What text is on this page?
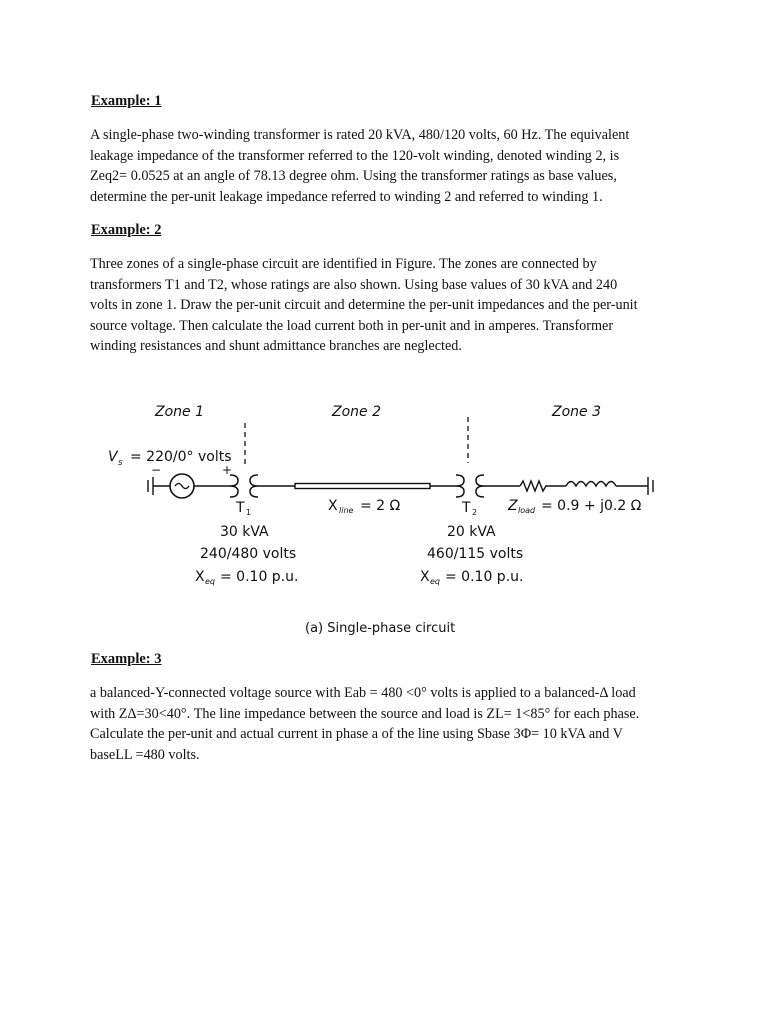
Example: 1
A single-phase two-winding transformer is rated 20 kVA, 480/120 volts, 60 Hz. The equivalent
leakage impedance of the transformer referred to the 120-volt winding, denoted winding 2, is
Zeq2= 0.0525 at an angle of 78.13 degree ohm. Using the transformer ratings as base values,
determine the per-unit leakage impedance referred to winding 2 and referred to winding 1.
Example: 2
Three zones of a single-phase circuit are identified in Figure. The zones are connected by
transformers T1 and T2, whose ratings are also shown. Using base values of 30 kVA and 240
volts in zone 1. Draw the per-unit circuit and determine the per-unit impedances and the per-unit
source voltage. Then calculate the load current both in per-unit and in amperes. Transformer
winding resistances and shunt admittance branches are neglected.
Zone 1	Zone 2	Zone 3
V s = 220/0° volts
−	+
X line = 2 Ω	Z load = 0.9 + j0.2 Ω
T 1
30 kVA
240/480 volts
X eq = 0.10 p.u.
T 2
20 kVA
460/115 volts
X eq = 0.10 p.u.
(a) Single-phase circuit
Example: 3
a balanced-Y-connected voltage source with Eab = 480 <0° volts is applied to a balanced-Δ load
with ZΔ=30<40°. The line impedance between the source and load is ZL= 1<85° for each phase.
Calculate the per-unit and actual current in phase a of the line using Sbase 3Φ= 10 kVA and V
baseLL =480 volts.
